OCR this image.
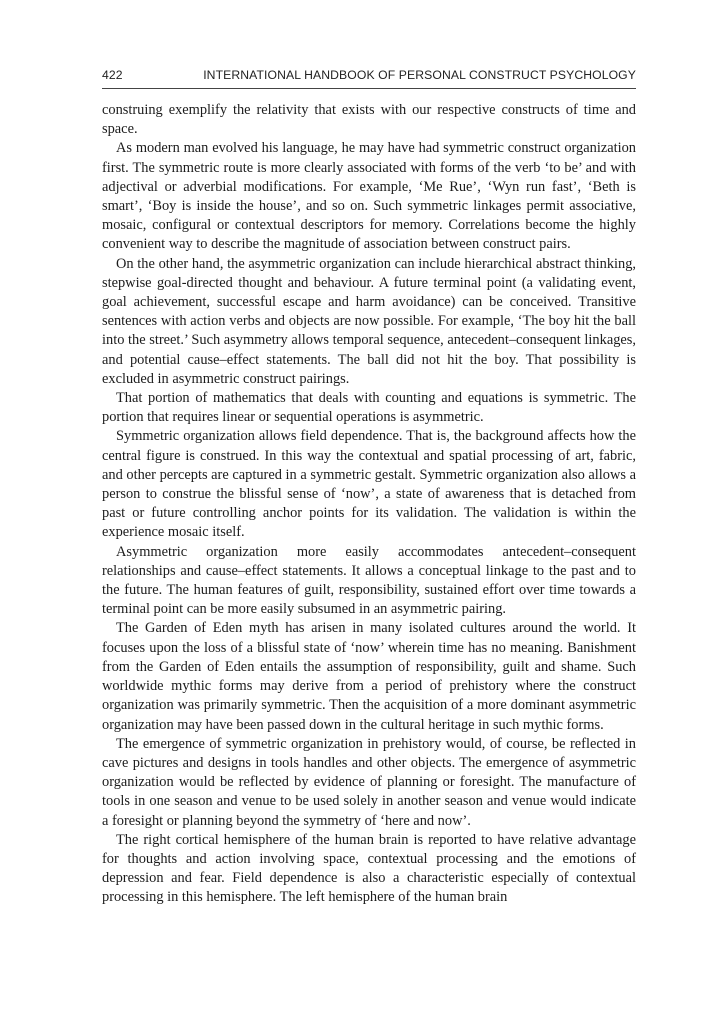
422	INTERNATIONAL HANDBOOK OF PERSONAL CONSTRUCT PSYCHOLOGY

construing exemplify the relativity that exists with our respective constructs of time and space.

As modern man evolved his language, he may have had symmetric construct organization first. The symmetric route is more clearly associated with forms of the verb ‘to be’ and with adjectival or adverbial modifications. For example, ‘Me Rue’, ‘Wyn run fast’, ‘Beth is smart’, ‘Boy is inside the house’, and so on. Such symmetric linkages permit associative, mosaic, configural or contextual descriptors for memory. Correlations become the highly convenient way to describe the magnitude of association between construct pairs.

On the other hand, the asymmetric organization can include hierarchical abstract thinking, stepwise goal-directed thought and behaviour. A future terminal point (a validating event, goal achievement, successful escape and harm avoidance) can be conceived. Transitive sentences with action verbs and objects are now possible. For example, ‘The boy hit the ball into the street.’ Such asymmetry allows temporal sequence, antecedent–consequent linkages, and potential cause–effect statements. The ball did not hit the boy. That possibility is excluded in asymmetric construct pairings.

That portion of mathematics that deals with counting and equations is symmetric. The portion that requires linear or sequential operations is asymmetric.

Symmetric organization allows field dependence. That is, the background affects how the central figure is construed. In this way the contextual and spatial processing of art, fabric, and other percepts are captured in a symmetric gestalt. Symmetric organization also allows a person to construe the blissful sense of ‘now’, a state of awareness that is detached from past or future controlling anchor points for its validation. The validation is within the experience mosaic itself.

Asymmetric organization more easily accommodates antecedent–consequent relationships and cause–effect statements. It allows a conceptual linkage to the past and to the future. The human features of guilt, responsibility, sustained effort over time towards a terminal point can be more easily subsumed in an asymmetric pairing.

The Garden of Eden myth has arisen in many isolated cultures around the world. It focuses upon the loss of a blissful state of ‘now’ wherein time has no meaning. Banishment from the Garden of Eden entails the assumption of responsibility, guilt and shame. Such worldwide mythic forms may derive from a period of prehistory where the construct organization was primarily symmetric. Then the acquisition of a more dominant asymmetric organization may have been passed down in the cultural heritage in such mythic forms.

The emergence of symmetric organization in prehistory would, of course, be reflected in cave pictures and designs in tools handles and other objects. The emergence of asymmetric organization would be reflected by evidence of planning or foresight. The manufacture of tools in one season and venue to be used solely in another season and venue would indicate a foresight or planning beyond the symmetry of ‘here and now’.

The right cortical hemisphere of the human brain is reported to have relative advantage for thoughts and action involving space, contextual processing and the emotions of depression and fear. Field dependence is also a characteristic especially of contextual processing in this hemisphere. The left hemisphere of the human brain
